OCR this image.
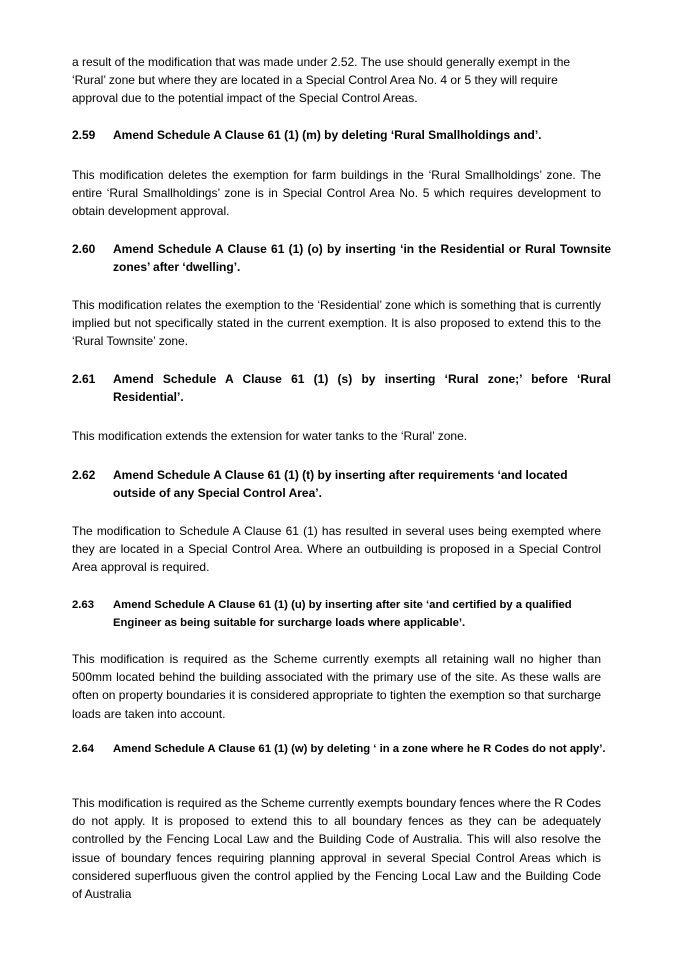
a result of the modification that was made under 2.52. The use should generally exempt in the ‘Rural’ zone but where they are located in a Special Control Area No. 4 or 5 they will require approval due to the potential impact of the Special Control Areas.

2.59	Amend Schedule A Clause 61 (1) (m) by deleting ‘Rural Smallholdings and’.

This modification deletes the exemption for farm buildings in the ‘Rural Smallholdings’ zone. The entire ‘Rural Smallholdings’ zone is in Special Control Area No. 5 which requires development to obtain development approval.

2.60	Amend Schedule A Clause 61 (1) (o) by inserting ‘in the Residential or Rural Townsite zones’ after ‘dwelling’.

This modification relates the exemption to the ‘Residential’ zone which is something that is currently implied but not specifically stated in the current exemption. It is also proposed to extend this to the ‘Rural Townsite’ zone.

2.61	Amend Schedule A Clause 61 (1) (s) by inserting ‘Rural zone;’ before ‘Rural Residential’.

This modification extends the extension for water tanks to the ‘Rural’ zone.

2.62	Amend Schedule A Clause 61 (1) (t) by inserting after requirements ‘and located outside of any Special Control Area’.

The modification to Schedule A Clause 61 (1) has resulted in several uses being exempted where they are located in a Special Control Area. Where an outbuilding is proposed in a Special Control Area approval is required.

2.63	Amend Schedule A Clause 61 (1) (u) by inserting after site ‘and certified by a qualified Engineer as being suitable for surcharge loads where applicable’.

This modification is required as the Scheme currently exempts all retaining wall no higher than 500mm located behind the building associated with the primary use of the site. As these walls are often on property boundaries it is considered appropriate to tighten the exemption so that surcharge loads are taken into account.

2.64	Amend Schedule A Clause 61 (1) (w) by deleting ‘ in a zone where he R Codes do not apply’.

This modification is required as the Scheme currently exempts boundary fences where the R Codes do not apply. It is proposed to extend this to all boundary fences as they can be adequately controlled by the Fencing Local Law and the Building Code of Australia. This will also resolve the issue of boundary fences requiring planning approval in several Special Control Areas which is considered superfluous given the control applied by the Fencing Local Law and the Building Code of Australia
